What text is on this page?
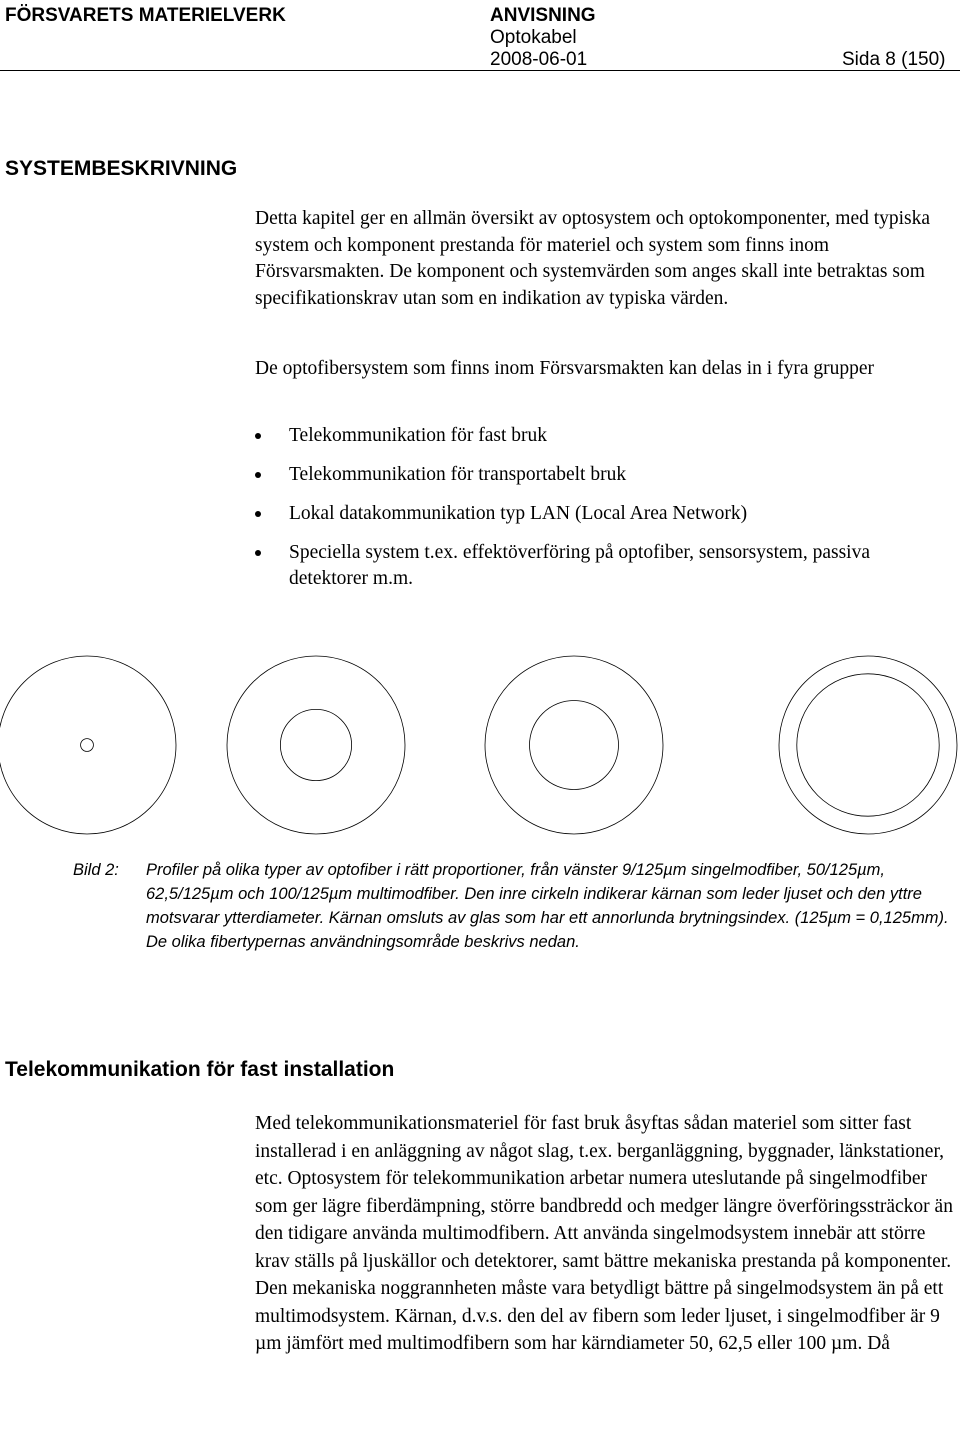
FÖRSVARETS MATERIELVERK	ANVISNING
Optokabel
2008-06-01	Sida 8 (150)
SYSTEMBESKRIVNING

Detta kapitel ger en allmän översikt av optosystem och optokomponenter, med typiska system och komponent prestanda för materiel och system som finns inom Försvarsmakten. De komponent och systemvärden som anges skall inte betraktas som specifikationskrav utan som en indikation av typiska värden.

De optofibersystem som finns inom Försvarsmakten kan delas in i fyra grupper

Telekommunikation för fast bruk
Telekommunikation för transportabelt bruk
Lokal datakommunikation typ LAN (Local Area Network)
Speciella system t.ex. effektöverföring på optofiber, sensorsystem, passiva detektorer m.m.
Bild 2: Profiler på olika typer av optofiber i rätt proportioner, från vänster 9/125µm singelmodfiber, 50/125µm, 62,5/125µm och 100/125µm multimodfiber. Den inre cirkeln indikerar kärnan som leder ljuset och den yttre motsvarar ytterdiameter. Kärnan omsluts av glas som har ett annorlunda brytningsindex. (125µm = 0,125mm). De olika fibertypernas användningsområde beskrivs nedan.
Telekommunikation för fast installation

Med telekommunikationsmateriel för fast bruk åsyftas sådan materiel som sitter fast installerad i en anläggning av något slag, t.ex. berganläggning, byggnader, länkstationer, etc. Optosystem för telekommunikation arbetar numera uteslutande på singelmodfiber som ger lägre fiberdämpning, större bandbredd och medger längre överföringssträckor än den tidigare använda multimodfibern. Att använda singelmodsystem innebär att större krav ställs på ljuskällor och detektorer, samt bättre mekaniska prestanda på komponenter. Den mekaniska noggrannheten måste vara betydligt bättre på singelmodsystem än på ett multimodsystem. Kärnan, d.v.s. den del av fibern som leder ljuset, i singelmodfiber är 9 µm jämfört med multimodfibern som har kärndiameter 50, 62,5 eller 100 µm. Då
